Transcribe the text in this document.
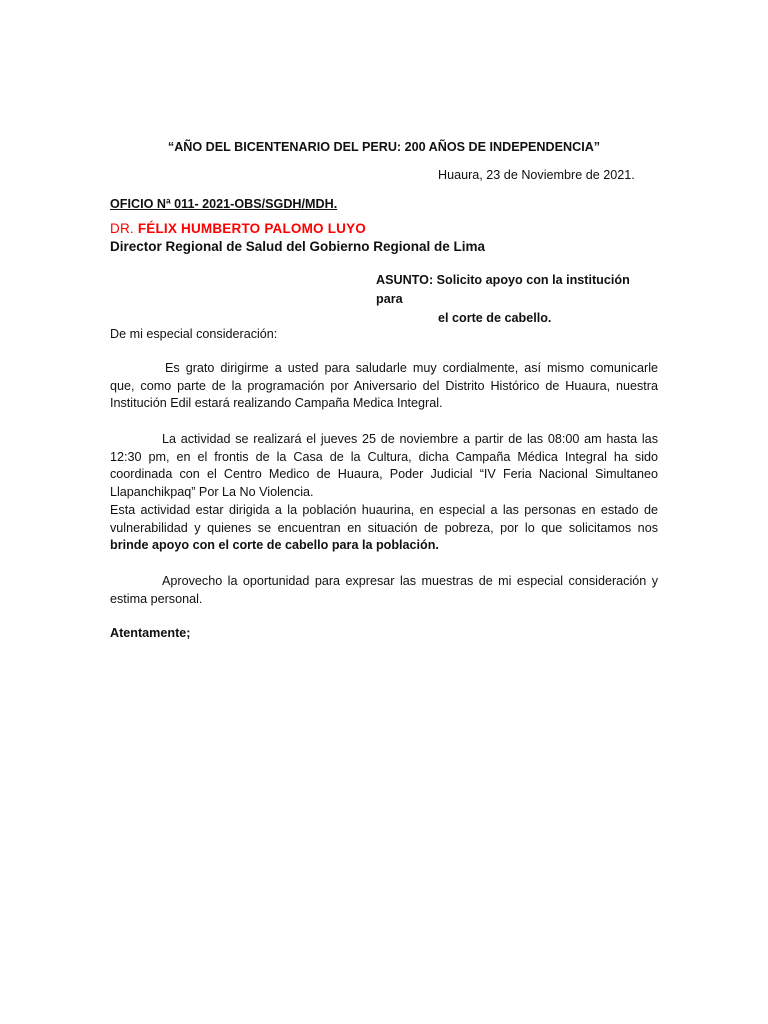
“AÑO DEL BICENTENARIO DEL PERU: 200 AÑOS DE INDEPENDENCIA”
Huaura, 23 de Noviembre de 2021.
OFICIO Nª 011- 2021-OBS/SGDH/MDH.
DR. FÉLIX HUMBERTO PALOMO LUYO
Director Regional de Salud del Gobierno Regional de Lima
ASUNTO: Solicito apoyo con la institución para
el corte de cabello.
De mi especial consideración:
Es grato dirigirme a usted para saludarle muy cordialmente, así mismo comunicarle que, como parte de la programación por Aniversario del Distrito Histórico de Huaura, nuestra Institución Edil estará realizando Campaña Medica Integral.
La actividad se realizará el jueves 25 de noviembre a partir de las 08:00 am hasta las 12:30 pm, en el frontis de la Casa de la Cultura, dicha Campaña Médica Integral ha sido coordinada con el Centro Medico de Huaura, Poder Judicial “IV Feria Nacional Simultaneo Llapanchikpaq” Por La No Violencia.
Esta actividad estar dirigida a la población huaurina, en especial a las personas en estado de vulnerabilidad y quienes se encuentran en situación de pobreza, por lo que solicitamos nos brinde apoyo con el corte de cabello para la población.
Aprovecho la oportunidad para expresar las muestras de mi especial consideración y estima personal.
Atentamente;
